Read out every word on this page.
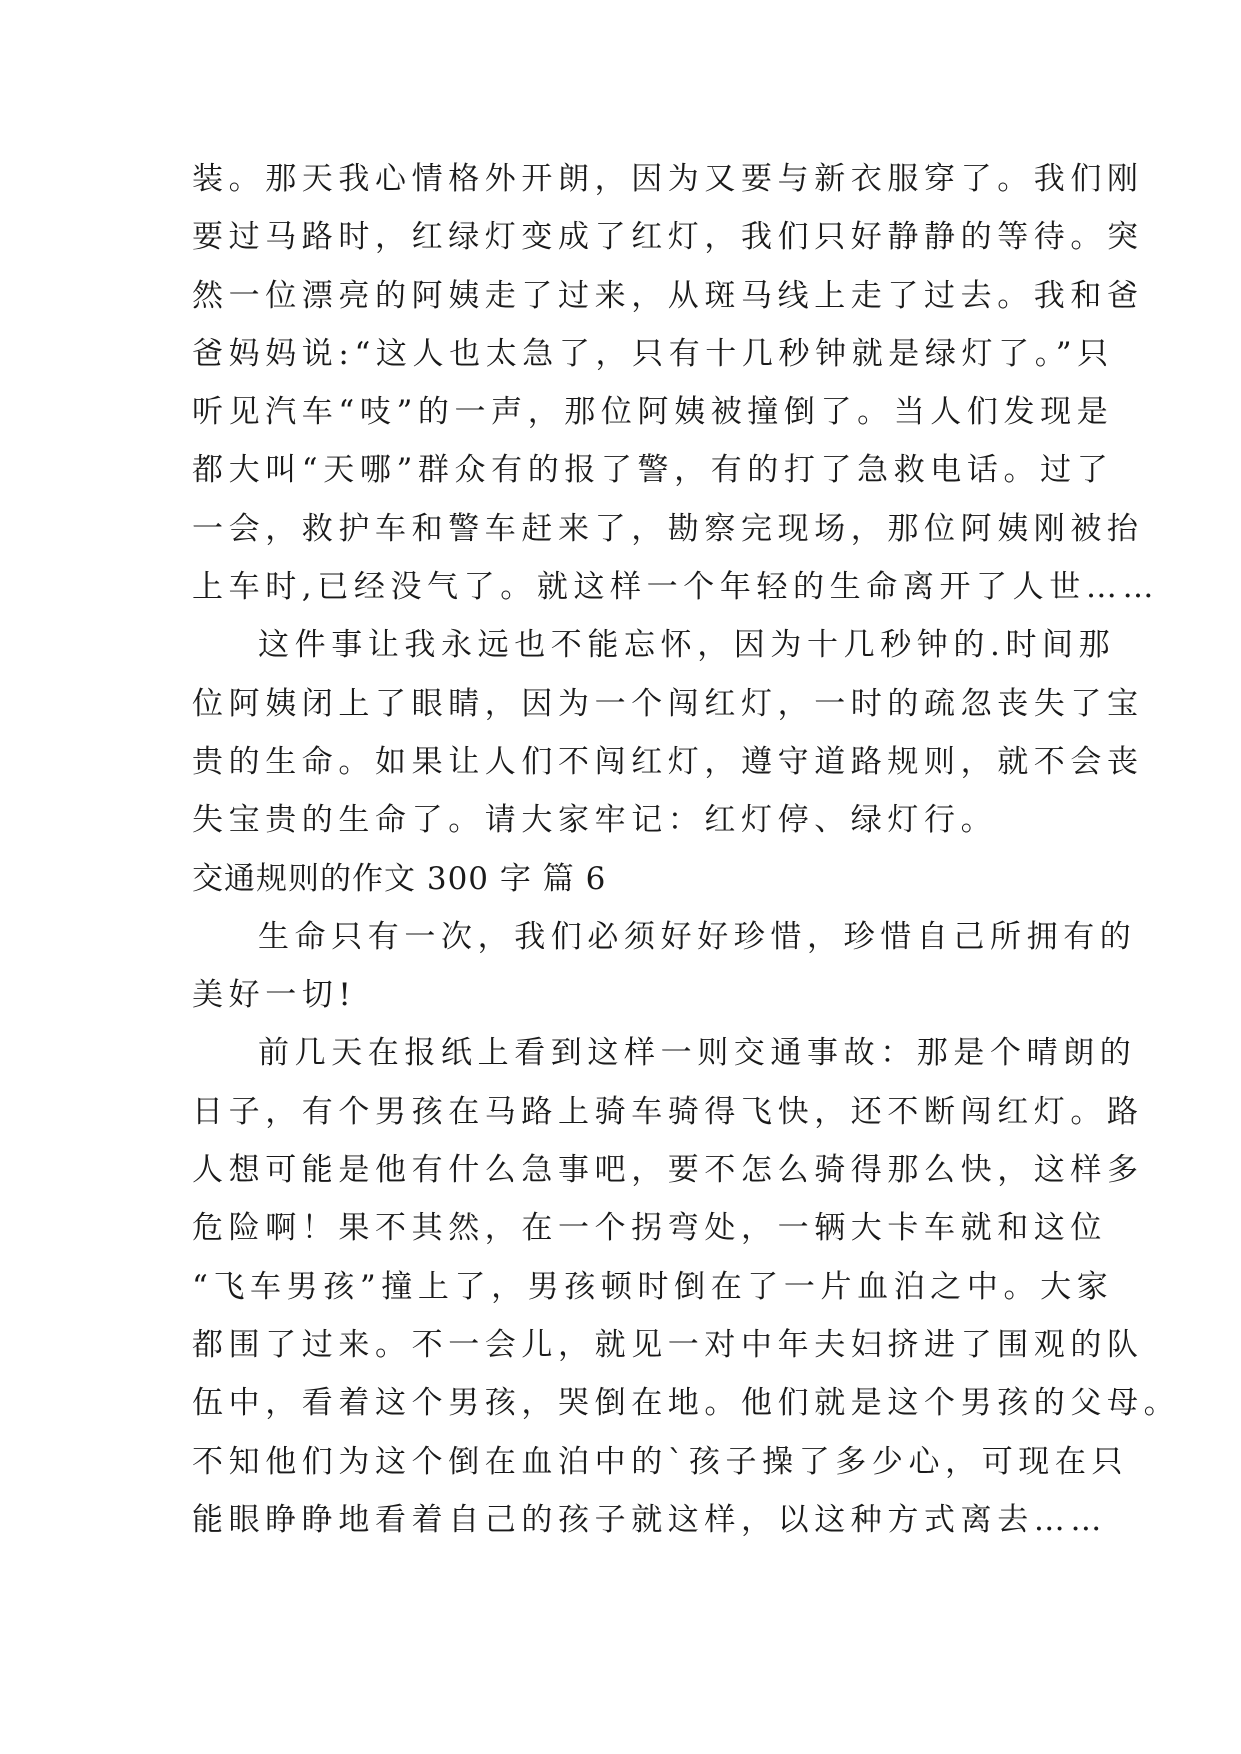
装。那天我心情格外开朗，因为又要与新衣服穿了。我们刚
要过马路时，红绿灯变成了红灯，我们只好静静的等待。突
然一位漂亮的阿姨走了过来，从斑马线上走了过去。我和爸
爸妈妈说:“这人也太急了，只有十几秒钟就是绿灯了。”只
听见汽车“吱”的一声，那位阿姨被撞倒了。当人们发现是
都大叫“天哪”群众有的报了警，有的打了急救电话。过了
一会，救护车和警车赶来了，勘察完现场，那位阿姨刚被抬
上车时,已经没气了。就这样一个年轻的生命离开了人世……
这件事让我永远也不能忘怀，因为十几秒钟的.时间那
位阿姨闭上了眼睛，因为一个闯红灯，一时的疏忽丧失了宝
贵的生命。如果让人们不闯红灯，遵守道路规则，就不会丧
失宝贵的生命了。请大家牢记：红灯停、绿灯行。
交通规则的作文 300 字 篇 6
生命只有一次，我们必须好好珍惜，珍惜自己所拥有的
美好一切!
前几天在报纸上看到这样一则交通事故：那是个晴朗的
日子，有个男孩在马路上骑车骑得飞快，还不断闯红灯。路
人想可能是他有什么急事吧，要不怎么骑得那么快，这样多
危险啊！果不其然，在一个拐弯处，一辆大卡车就和这位
“飞车男孩”撞上了，男孩顿时倒在了一片血泊之中。大家
都围了过来。不一会儿，就见一对中年夫妇挤进了围观的队
伍中，看着这个男孩，哭倒在地。他们就是这个男孩的父母。
不知他们为这个倒在血泊中的`孩子操了多少心，可现在只
能眼睁睁地看着自己的孩子就这样，以这种方式离去……
